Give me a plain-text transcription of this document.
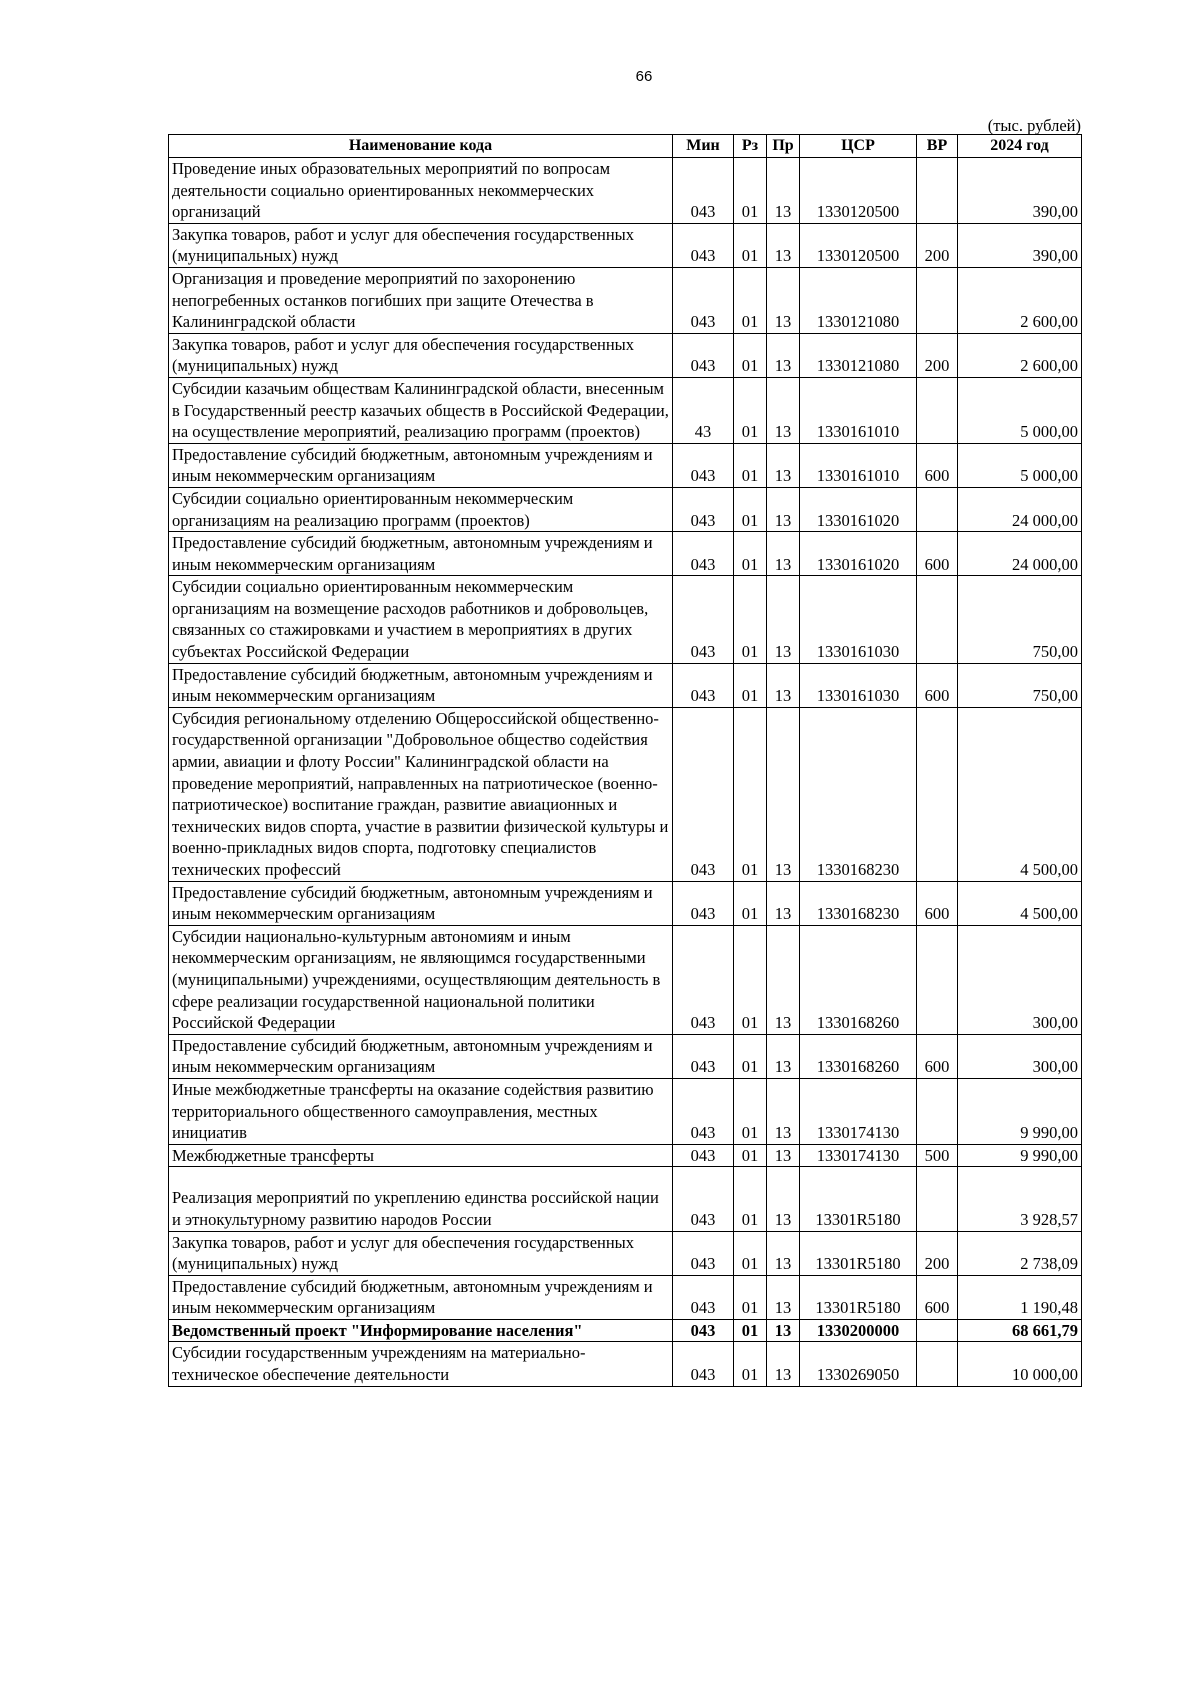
66
(тыс. рублей)
Наименование кода	Мин	Рз	Пр	ЦСР	ВР	2024 год
Проведение иных образовательных мероприятий по вопросам деятельности социально ориентированных некоммерческих организаций	043	01	13	1330120500		390,00
Закупка товаров, работ и услуг для обеспечения государственных (муниципальных) нужд	043	01	13	1330120500	200	390,00
Организация и проведение мероприятий по захоронению непогребенных останков погибших при защите Отечества в Калининградской области	043	01	13	1330121080		2 600,00
Закупка товаров, работ и услуг для обеспечения государственных (муниципальных) нужд	043	01	13	1330121080	200	2 600,00
Субсидии казачьим обществам Калининградской области, внесенным в Государственный реестр казачьих обществ в Российской Федерации, на осуществление мероприятий, реализацию программ (проектов)	43	01	13	1330161010		5 000,00
Предоставление субсидий бюджетным, автономным учреждениям и иным некоммерческим организациям	043	01	13	1330161010	600	5 000,00
Субсидии социально ориентированным некоммерческим организациям на реализацию программ (проектов)	043	01	13	1330161020		24 000,00
Предоставление субсидий бюджетным, автономным учреждениям и иным некоммерческим организациям	043	01	13	1330161020	600	24 000,00
Субсидии социально ориентированным некоммерческим организациям на возмещение расходов работников и добровольцев, связанных со стажировками и участием в мероприятиях в других субъектах Российской Федерации	043	01	13	1330161030		750,00
Предоставление субсидий бюджетным, автономным учреждениям и иным некоммерческим организациям	043	01	13	1330161030	600	750,00
Субсидия региональному отделению Общероссийской общественно-государственной организации "Добровольное общество содействия армии, авиации и флоту России" Калининградской области на проведение мероприятий, направленных на патриотическое (военно-патриотическое) воспитание граждан, развитие авиационных и технических видов спорта, участие в развитии физической культуры и военно-прикладных видов спорта, подготовку специалистов технических профессий	043	01	13	1330168230		4 500,00
Предоставление субсидий бюджетным, автономным учреждениям и иным некоммерческим организациям	043	01	13	1330168230	600	4 500,00
Субсидии национально-культурным автономиям и иным некоммерческим организациям, не являющимся государственными (муниципальными) учреждениями, осуществляющим деятельность в сфере реализации государственной национальной политики Российской Федерации	043	01	13	1330168260		300,00
Предоставление субсидий бюджетным, автономным учреждениям и иным некоммерческим организациям	043	01	13	1330168260	600	300,00
Иные межбюджетные трансферты на оказание содействия развитию территориального общественного самоуправления, местных инициатив	043	01	13	1330174130		9 990,00
Межбюджетные трансферты	043	01	13	1330174130	500	9 990,00
Реализация мероприятий по укреплению единства российской нации и этнокультурному развитию народов России	043	01	13	13301R5180		3 928,57
Закупка товаров, работ и услуг для обеспечения государственных (муниципальных) нужд	043	01	13	13301R5180	200	2 738,09
Предоставление субсидий бюджетным, автономным учреждениям и иным некоммерческим организациям	043	01	13	13301R5180	600	1 190,48
Ведомственный проект "Информирование населения"	043	01	13	1330200000		68 661,79
Субсидии государственным учреждениям на материально-техническое обеспечение деятельности	043	01	13	1330269050		10 000,00
